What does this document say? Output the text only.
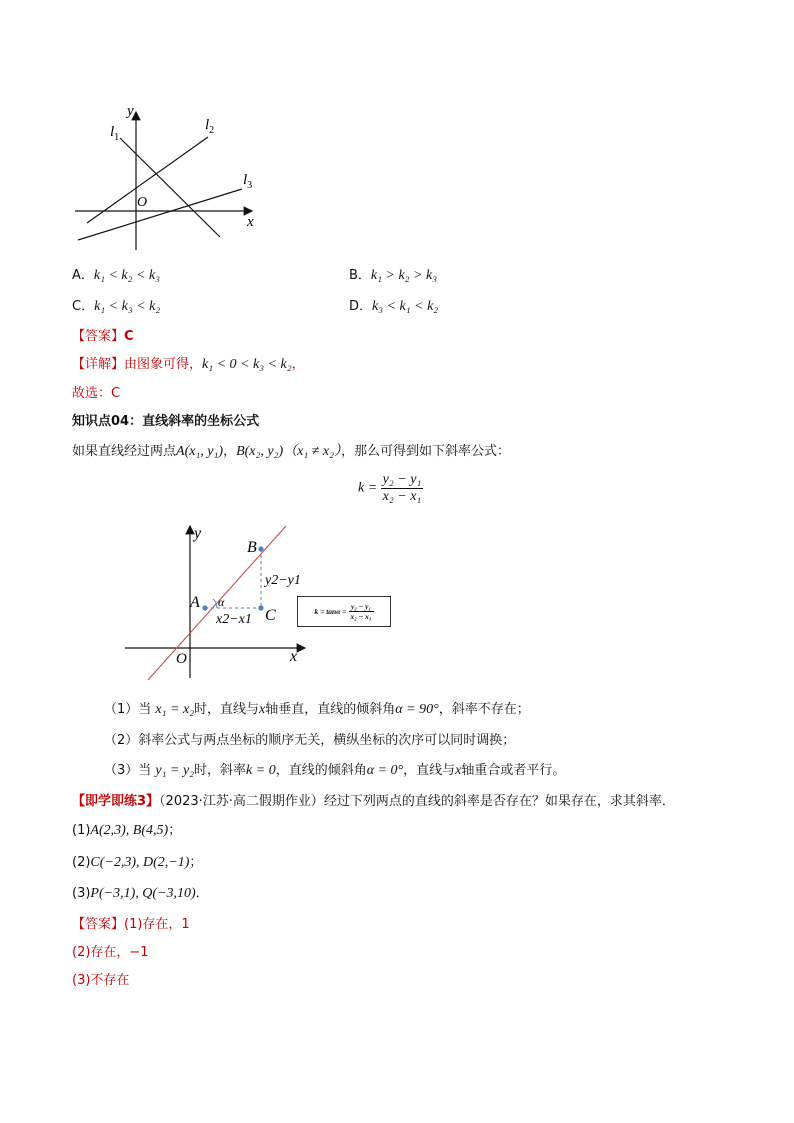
y
x
O
$l_1$
$l_2$
$l_3$
A．k₁ < k₂ < k₃	B．k₁ > k₂ > k₃
C．k₁ < k₃ < k₂	D．k₃ < k₁ < k₂
【答案】C
【详解】由图象可得，k₁ < 0 < k₃ < k₂，
故选：C
知识点04：直线斜率的坐标公式
如果直线经过两点A(x₁, y₁)，B(x₂, y₂)（x₁ ≠ x₂），那么可得到如下斜率公式：
$k = \frac{\text{y₂ − y₁}}{\text{x₂ − x₁}}$
y
x
O
A
B
C
α
y2−y1
x2−x1
$k = \tan\alpha = \frac{\text{y₂ − y₁}}{\text{x₂ − x₁}}$
（1）当 x₁ = x₂时，直线与x轴垂直，直线的倾斜角α = 90°，斜率不存在；
（2）斜率公式与两点坐标的顺序无关，横纵坐标的次序可以同时调换；
（3）当 y₁ = y₂时，斜率k = 0，直线的倾斜角α = 0°，直线与x轴重合或者平行。
【即学即练3】（2023·江苏·高二假期作业）经过下列两点的直线的斜率是否存在？如果存在，求其斜率．
(1)A(2,3), B(4,5)；
(2)C(−2,3), D(2,−1)；
(3)P(−3,1), Q(−3,10)．
【答案】(1)存在，1
(2)存在，−1
(3)不存在
